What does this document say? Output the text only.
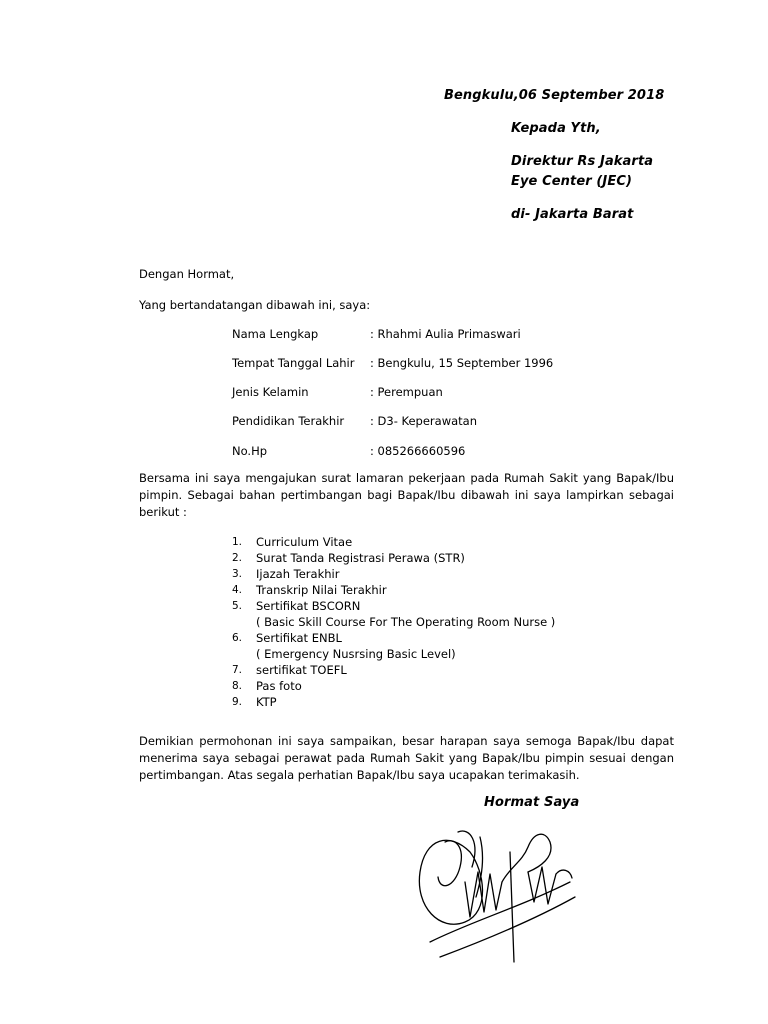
Bengkulu,06 September 2018
Kepada Yth,
Direktur Rs Jakarta
Eye Center (JEC)
di- Jakarta Barat
Dengan Hormat,
Yang bertandatangan dibawah ini, saya:
Nama Lengkap	: Rhahmi Aulia Primaswari
Tempat Tanggal Lahir : Bengkulu, 15 September 1996
Jenis Kelamin	: Perempuan
Pendidikan Terakhir : D3- Keperawatan
No.Hp	: 085266660596
Bersama ini saya mengajukan surat lamaran pekerjaan pada Rumah Sakit yang Bapak/Ibu pimpin. Sebagai bahan pertimbangan bagi Bapak/Ibu dibawah ini saya lampirkan sebagai berikut :
1. Curriculum Vitae
2. Surat Tanda Registrasi Perawa (STR)
3. Ijazah Terakhir
4. Transkrip Nilai Terakhir
5. Sertifikat BSCORN
( Basic Skill Course For The Operating Room Nurse )
6. Sertifikat ENBL
( Emergency Nusrsing Basic Level)
7. sertifikat TOEFL
8. Pas foto
9. KTP
Demikian permohonan ini saya sampaikan, besar harapan saya semoga Bapak/Ibu dapat menerima saya sebagai perawat pada Rumah Sakit yang Bapak/Ibu pimpin sesuai dengan pertimbangan. Atas segala perhatian Bapak/Ibu saya ucapakan terimakasih.
Hormat Saya
